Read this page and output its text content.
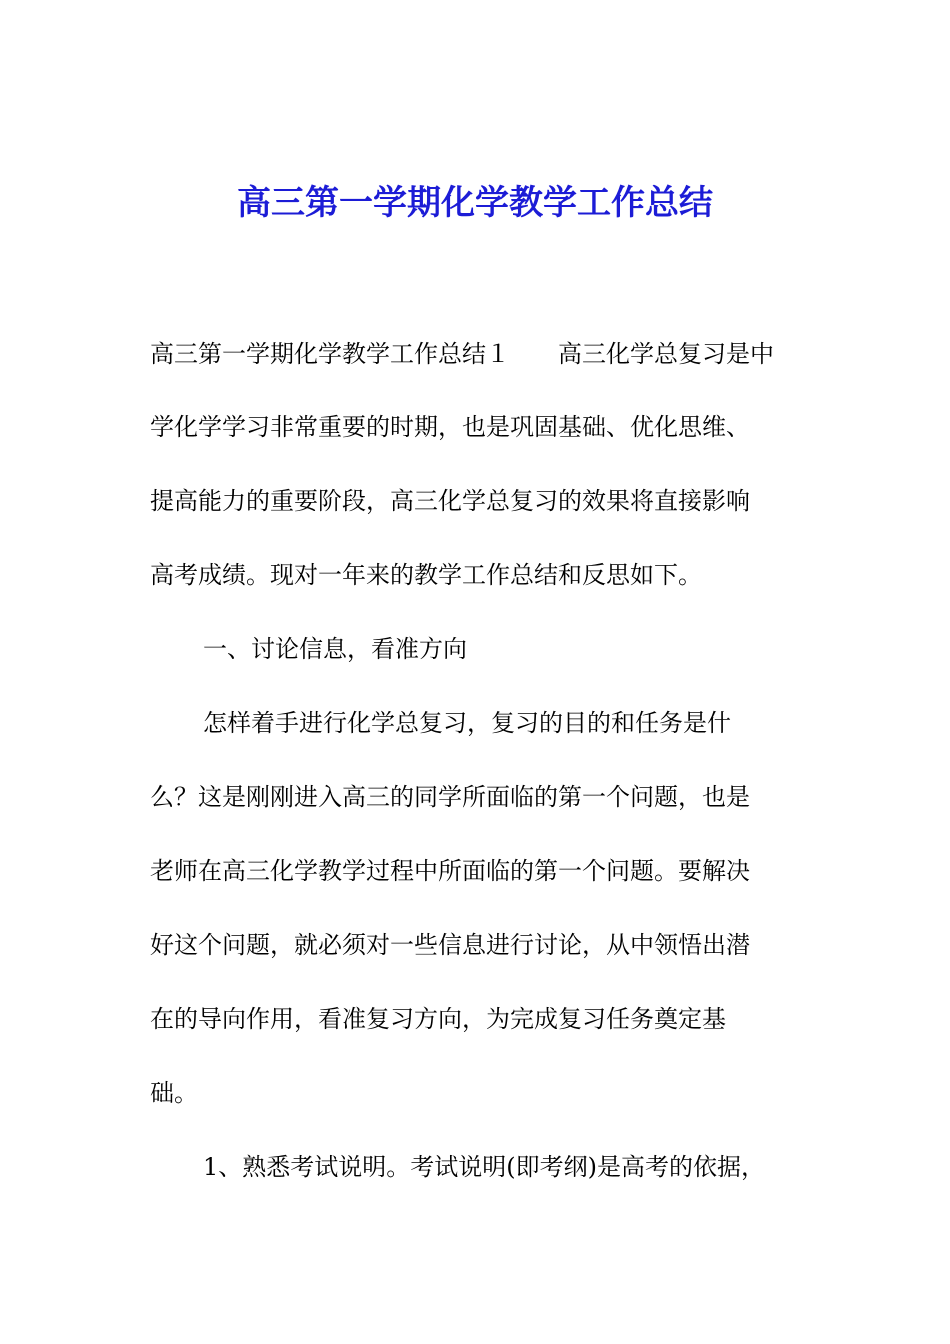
高三第一学期化学教学工作总结
高三第一学期化学教学工作总结１　　高三化学总复习是中
学化学学习非常重要的时期，也是巩固基础、优化思维、
提高能力的重要阶段，高三化学总复习的效果将直接影响
高考成绩。现对一年来的教学工作总结和反思如下。
一、讨论信息，看准方向
怎样着手进行化学总复习，复习的目的和任务是什
么？这是刚刚进入高三的同学所面临的第一个问题，也是
老师在高三化学教学过程中所面临的第一个问题。要解决
好这个问题，就必须对一些信息进行讨论，从中领悟出潜
在的导向作用，看准复习方向，为完成复习任务奠定基
础。
1、熟悉考试说明。考试说明(即考纲)是高考的依据，
